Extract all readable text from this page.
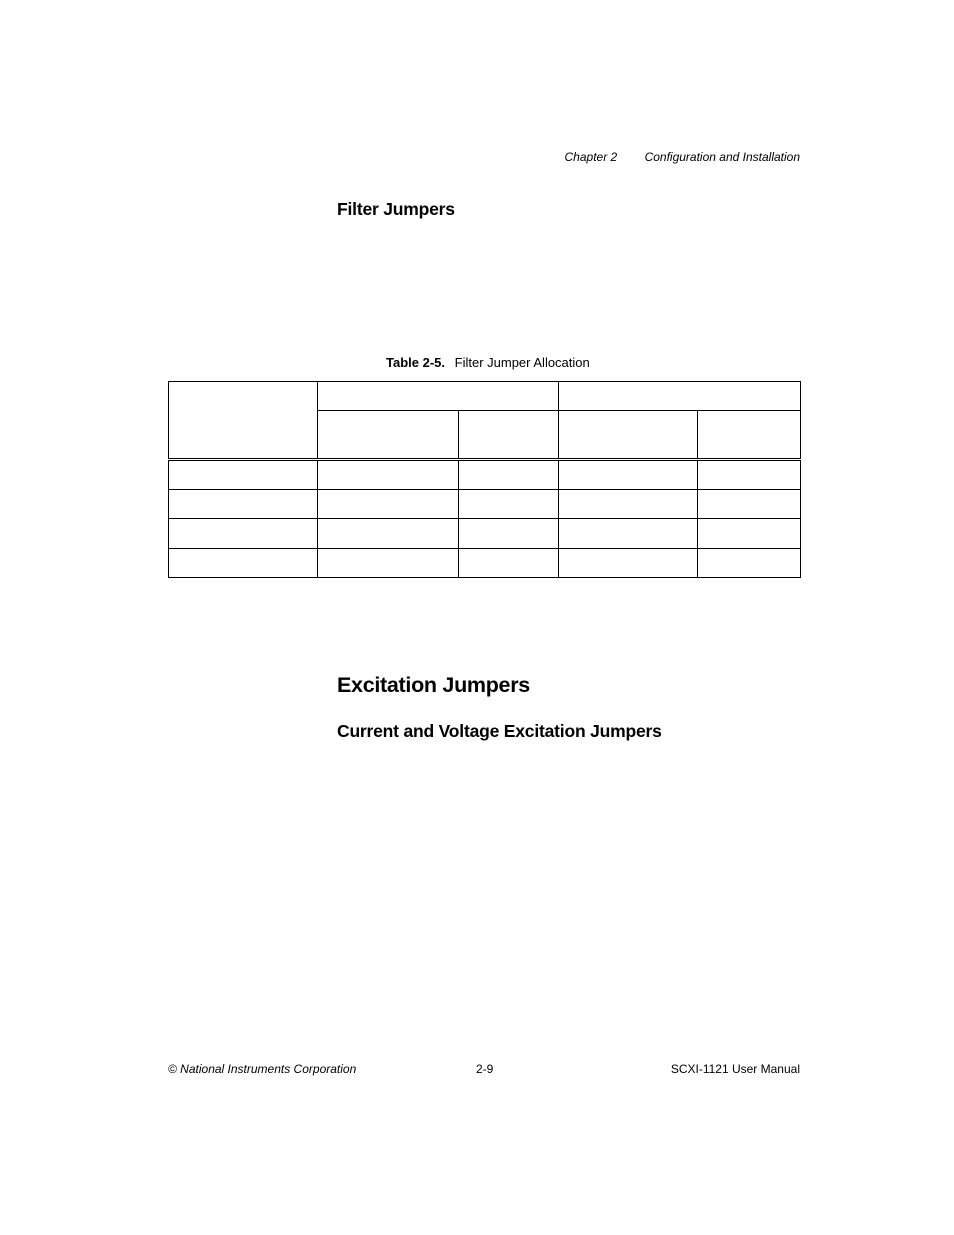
Chapter 2 Configuration and Installation
Filter Jumpers
Table 2-5. Filter Jumper Allocation

Excitation Jumpers
Current and Voltage Excitation Jumpers
© National Instruments Corporation	2-9	SCXI-1121 User Manual
